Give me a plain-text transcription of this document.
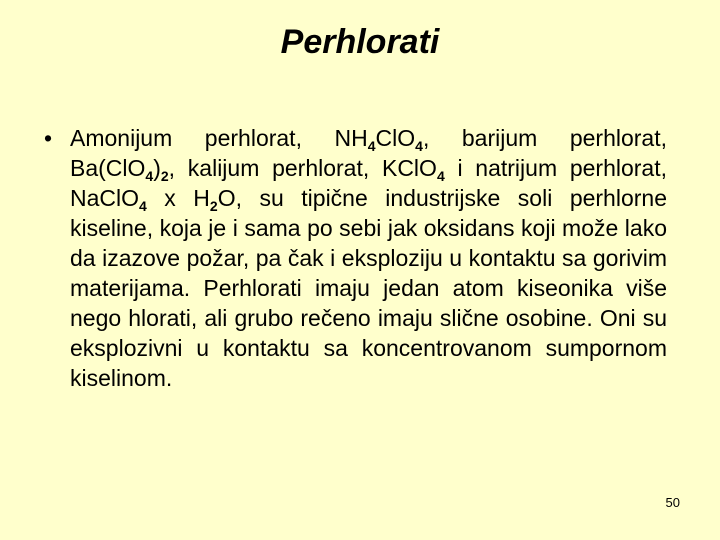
Perhlorati
• Amonijum perhlorat, $NH_4ClO_4$, barijum perhlorat, $Ba(ClO_4)_2$, kalijum perhlorat, KClO$_4$ i natrijum perhlorat, NaClO$_4$ x $H_2O$, su tipične industrijske soli perhlorne kiseline, koja je i sama po sebi jak oksidans koji može lako da izazove požar, pa čak i eksploziju u kontaktu sa gorivim materijama. Perhlorati imaju jedan atom kiseonika više nego hlorati, ali grubo rečeno imaju slične osobine. Oni su eksplozivni u kontaktu sa koncentrovanom sumpornom kiselinom.
50
